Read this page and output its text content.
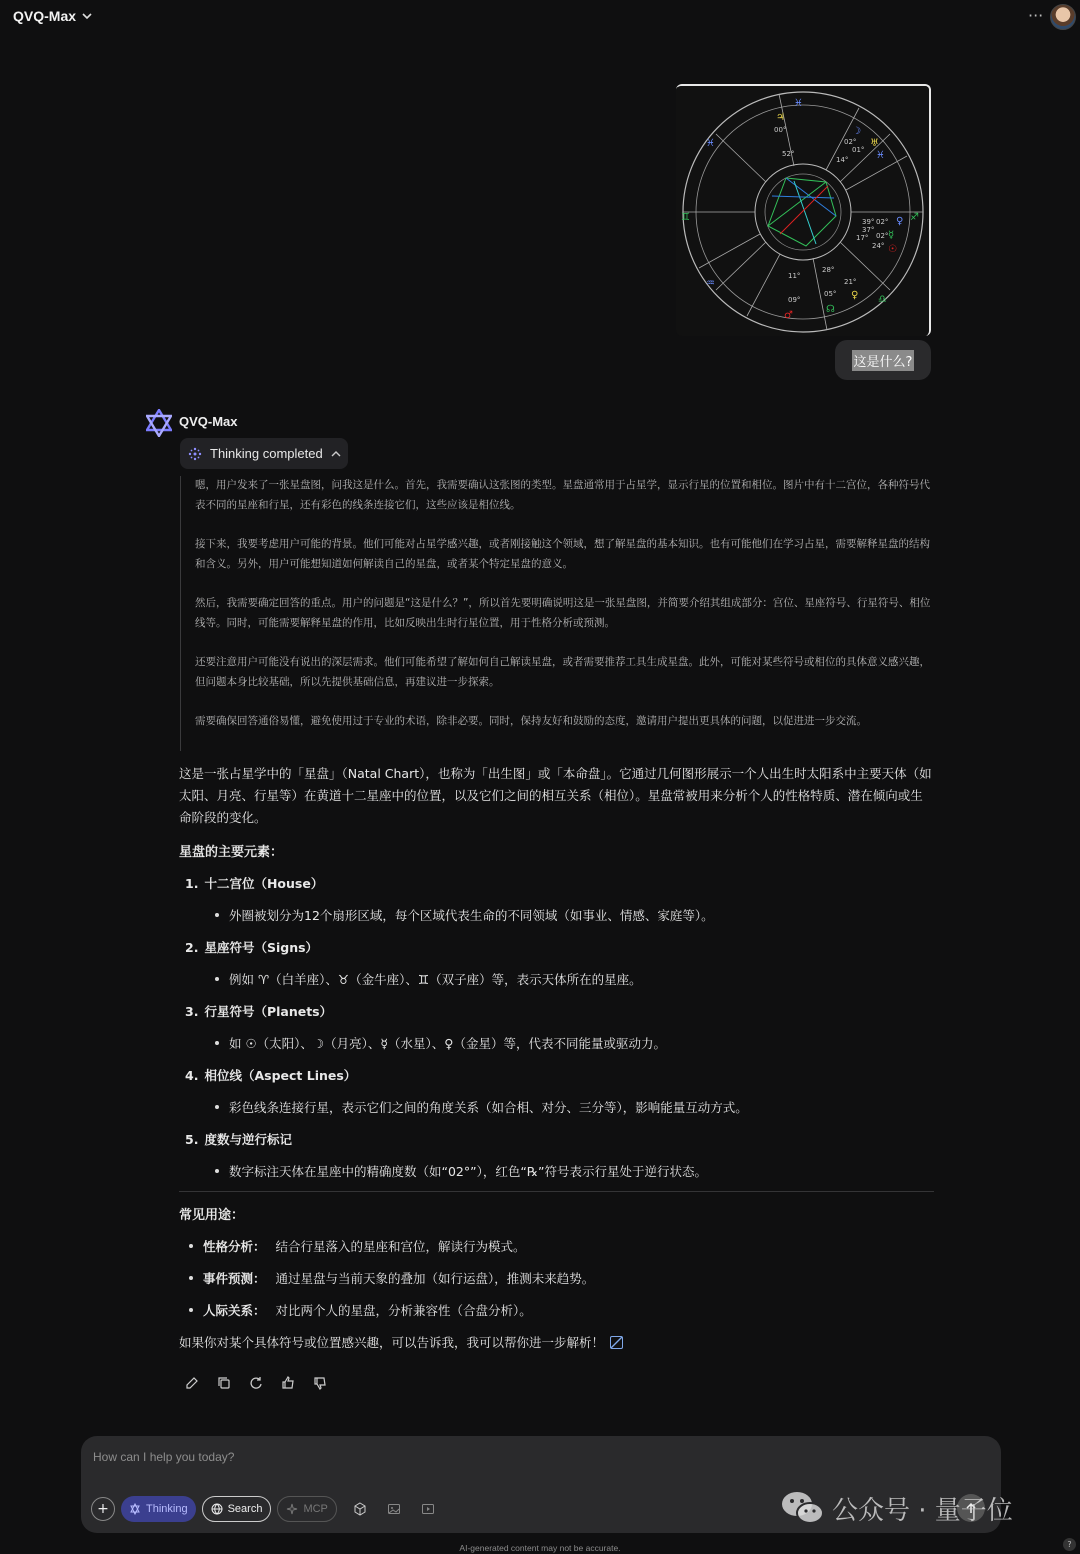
QVQ-Max	···
00°
52°
02°
01°
14°
39° 02°
37°
02°
17°
24°
11°
09°
28°
05°
21°
♃
☽
♅
♓
♀
☿
☉
♀ ♎
☊
♂
♒
♊	♐
♓
♓
这是什么?
QVQ-Max
Thinking completed

嗯，用户发来了一张星盘图，问我这是什么。首先，我需要确认这张图的类型。星盘通常用于占星学，显示行星的位置和相位。图片中有十二宫位，各种符号代表不同的星座和行星，还有彩色的线条连接它们，这些应该是相位线。

接下来，我要考虑用户可能的背景。他们可能对占星学感兴趣，或者刚接触这个领域，想了解星盘的基本知识。也有可能他们在学习占星，需要解释星盘的结构和含义。另外，用户可能想知道如何解读自己的星盘，或者某个特定星盘的意义。

然后，我需要确定回答的重点。用户的问题是“这是什么？”，所以首先要明确说明这是一张星盘图，并简要介绍其组成部分：宫位、星座符号、行星符号、相位线等。同时，可能需要解释星盘的作用，比如反映出生时行星位置，用于性格分析或预测。

还要注意用户可能没有说出的深层需求。他们可能希望了解如何自己解读星盘，或者需要推荐工具生成星盘。此外，可能对某些符号或相位的具体意义感兴趣，但问题本身比较基础，所以先提供基础信息，再建议进一步探索。

需要确保回答通俗易懂，避免使用过于专业的术语，除非必要。同时，保持友好和鼓励的态度，邀请用户提出更具体的问题，以促进进一步交流。

这是一张占星学中的「星盘」（Natal Chart），也称为「出生图」或「本命盘」。它通过几何图形展示一个人出生时太阳系中主要天体（如太阳、月亮、行星等）在黄道十二星座中的位置，以及它们之间的相互关系（相位）。星盘常被用来分析个人的性格特质、潜在倾向或生命阶段的变化。

星盘的主要元素：
1. 十二宫位（House）
外圈被划分为12个扇形区域，每个区域代表生命的不同领域（如事业、情感、家庭等）。
2. 星座符号（Signs）
例如 ♈（白羊座）、♉（金牛座）、♊（双子座）等，表示天体所在的星座。
3. 行星符号（Planets）
如 ☉（太阳）、☽（月亮）、☿（水星）、♀（金星）等，代表不同能量或驱动力。
4. 相位线（Aspect Lines）
彩色线条连接行星，表示它们之间的角度关系（如合相、对分、三分等），影响能量互动方式。
5. 度数与逆行标记
数字标注天体在星座中的精确度数（如“02°”），红色“℞”符号表示行星处于逆行状态。
常见用途：
性格分析： 结合行星落入的星座和宫位，解读行为模式。
事件预测： 通过星盘与当前天象的叠加（如行运盘），推测未来趋势。
人际关系： 对比两个人的星盘，分析兼容性（合盘分析）。
如果你对某个具体符号或位置感兴趣，可以告诉我，我可以帮你进一步解析！
How can I help you today?
+	Thinking	Search	MCP	公众号 · 量子位
AI-generated content may not be accurate.	?
